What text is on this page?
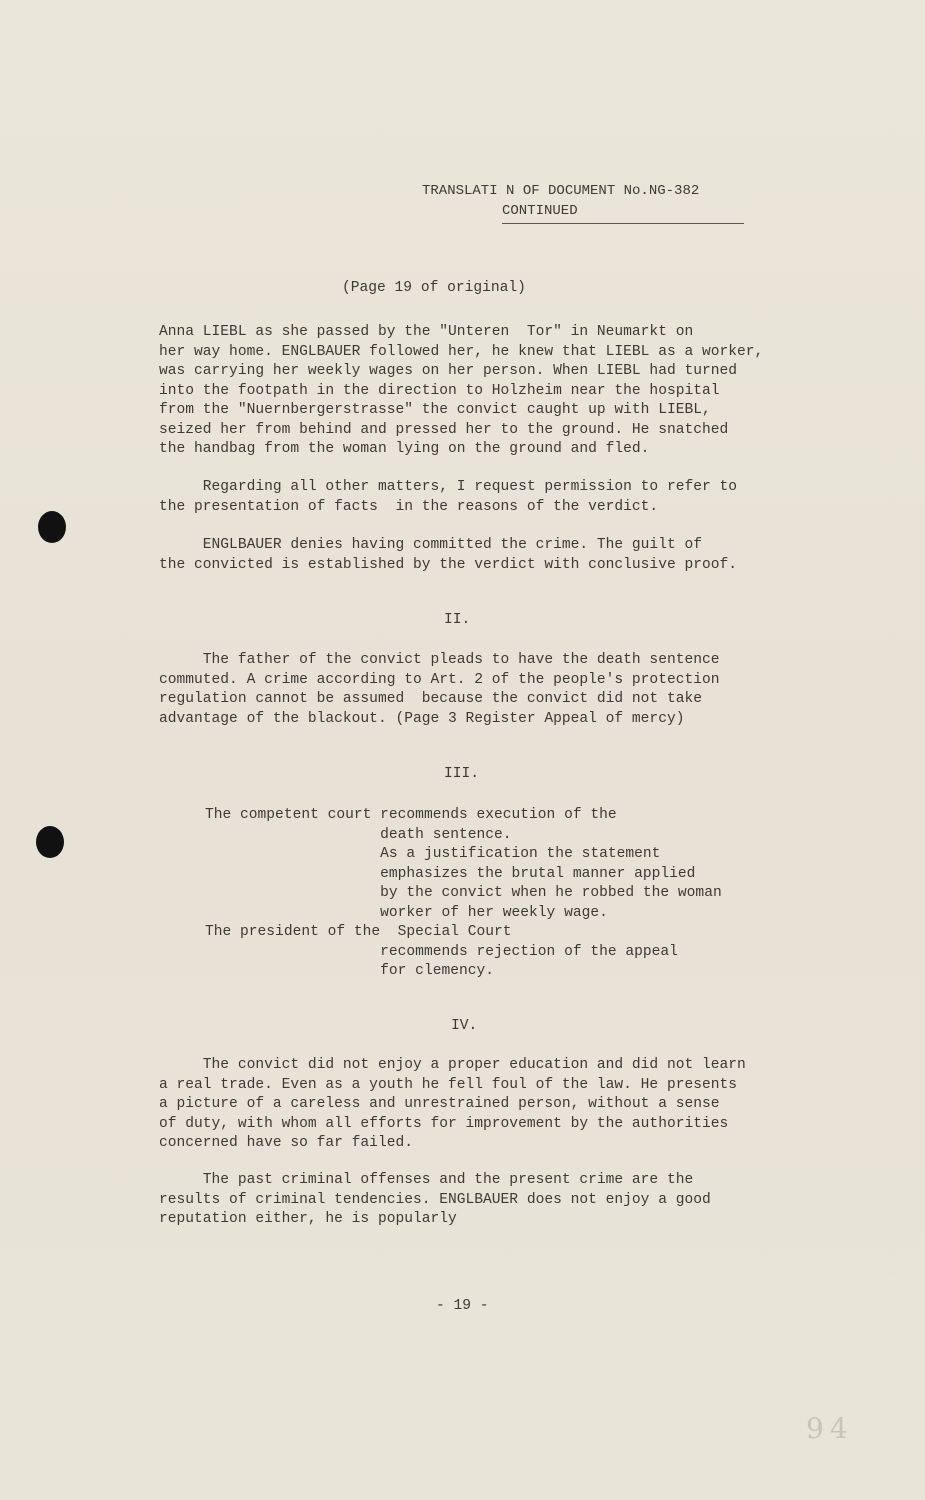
TRANSLATI N OF DOCUMENT No.NG-382
CONTINUED
(Page 19 of original)
Anna LIEBL as she passed by the "Unteren  Tor" in Neumarkt on
her way home. ENGLBAUER followed her, he knew that LIEBL as a worker,
was carrying her weekly wages on her person. When LIEBL had turned
into the footpath in the direction to Holzheim near the hospital
from the "Nuernbergerstrasse" the convict caught up with LIEBL,
seized her from behind and pressed her to the ground. He snatched
the handbag from the woman lying on the ground and fled.
Regarding all other matters, I request permission to refer to
the presentation of facts  in the reasons of the verdict.
ENGLBAUER denies having committed the crime. The guilt of
the convicted is established by the verdict with conclusive proof.
II.
The father of the convict pleads to have the death sentence
commuted. A crime according to Art. 2 of the people's protection
regulation cannot be assumed  because the convict did not take
advantage of the blackout. (Page 3 Register Appeal of mercy)
III.
The competent court recommends execution of the
death sentence.
As a justification the statement
emphasizes the brutal manner applied
by the convict when he robbed the woman
worker of her weekly wage.
The president of the  Special Court
recommends rejection of the appeal
for clemency.
IV.
The convict did not enjoy a proper education and did not learn
a real trade. Even as a youth he fell foul of the law. He presents
a picture of a careless and unrestrained person, without a sense
of duty, with whom all efforts for improvement by the authorities
concerned have so far failed.
The past criminal offenses and the present crime are the
results of criminal tendencies. ENGLBAUER does not enjoy a good
reputation either, he is popularly
- 19 -
94
